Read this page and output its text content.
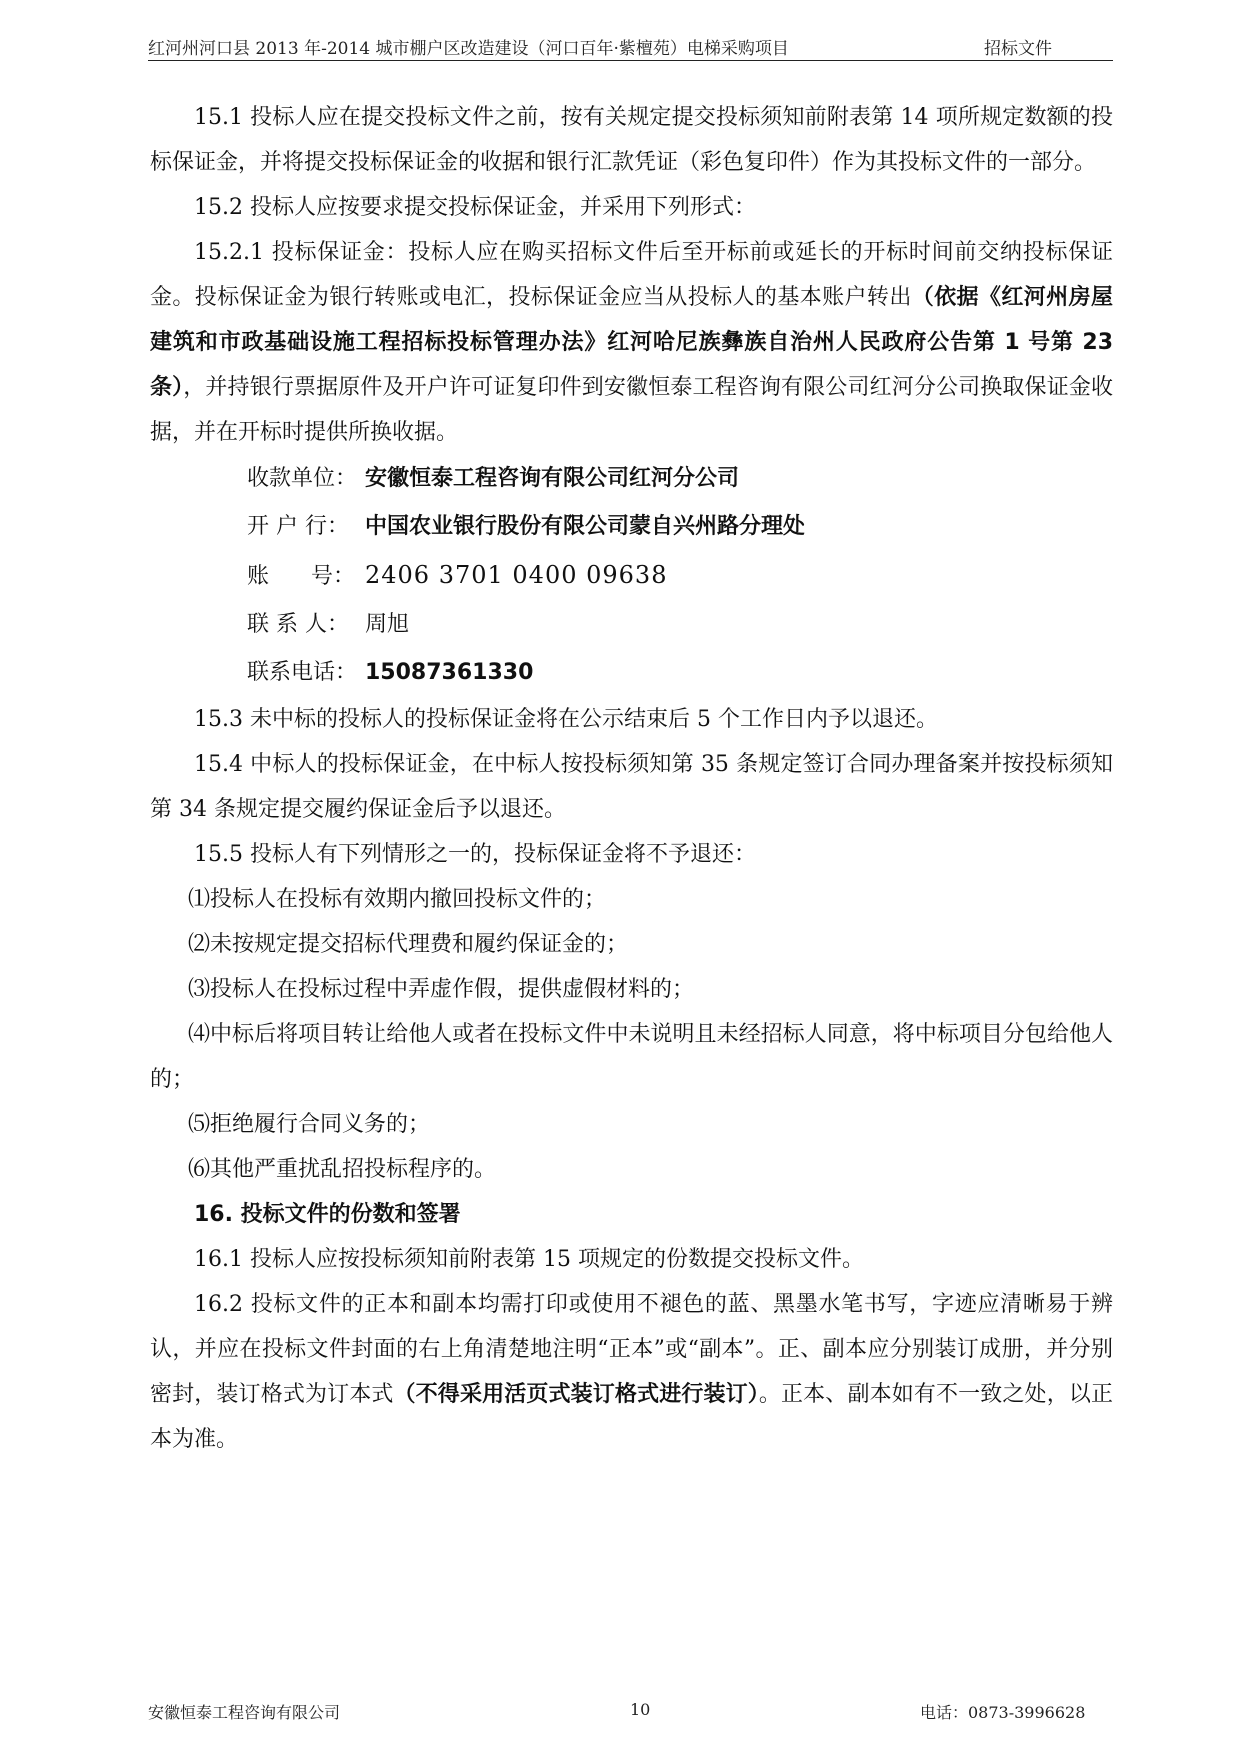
红河州河口县 2013 年-2014 城市棚户区改造建设（河口百年·紫檀苑）电梯采购项目	招标文件

15.1 投标人应在提交投标文件之前，按有关规定提交投标须知前附表第 14 项所规定数额的投标保证金，并将提交投标保证金的收据和银行汇款凭证（彩色复印件）作为其投标文件的一部分。

15.2 投标人应按要求提交投标保证金，并采用下列形式：

15.2.1 投标保证金：投标人应在购买招标文件后至开标前或延长的开标时间前交纳投标保证金。投标保证金为银行转账或电汇，投标保证金应当从投标人的基本账户转出（依据《红河州房屋建筑和市政基础设施工程招标投标管理办法》红河哈尼族彝族自治州人民政府公告第 1 号第 23 条），并持银行票据原件及开户许可证复印件到安徽恒泰工程咨询有限公司红河分公司换取保证金收据，并在开标时提供所换收据。

收款单位： 安徽恒泰工程咨询有限公司红河分公司
开 户 行： 中国农业银行股份有限公司蒙自兴州路分理处
账      号： 2406 3701 0400 09638
联 系 人： 周旭
联系电话： 15087361330

15.3 未中标的投标人的投标保证金将在公示结束后 5 个工作日内予以退还。

15.4 中标人的投标保证金，在中标人按投标须知第 35 条规定签订合同办理备案并按投标须知第 34 条规定提交履约保证金后予以退还。

15.5 投标人有下列情形之一的，投标保证金将不予退还：

⑴投标人在投标有效期内撤回投标文件的；

⑵未按规定提交招标代理费和履约保证金的；

⑶投标人在投标过程中弄虚作假，提供虚假材料的；

⑷中标后将项目转让给他人或者在投标文件中未说明且未经招标人同意，将中标项目分包给他人的；

⑸拒绝履行合同义务的；

⑹其他严重扰乱招投标程序的。

16. 投标文件的份数和签署

16.1 投标人应按投标须知前附表第 15 项规定的份数提交投标文件。

16.2 投标文件的正本和副本均需打印或使用不褪色的蓝、黑墨水笔书写，字迹应清晰易于辨认，并应在投标文件封面的右上角清楚地注明“正本”或“副本”。正、副本应分别装订成册，并分别密封，装订格式为订本式（不得采用活页式装订格式进行装订）。正本、副本如有不一致之处，以正本为准。

安徽恒泰工程咨询有限公司	10	电话：0873-3996628
